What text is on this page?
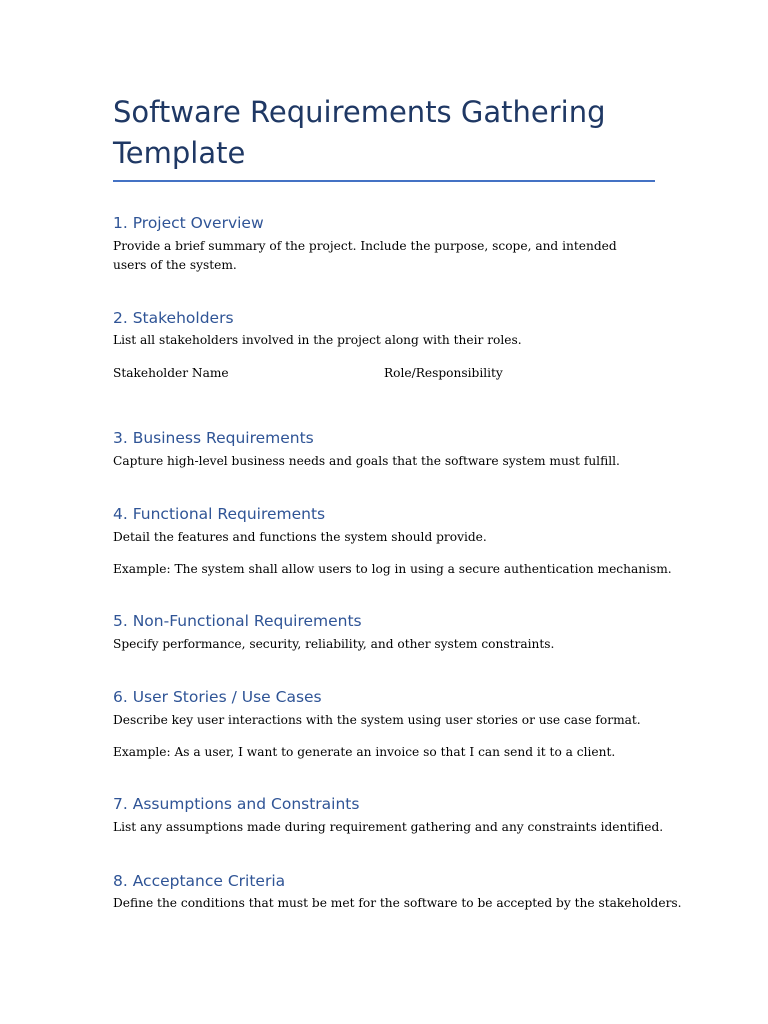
Software Requirements Gathering Template
1. Project Overview

Provide a brief summary of the project. Include the purpose, scope, and intended users of the system.

2. Stakeholders

List all stakeholders involved in the project along with their roles.

Stakeholder Name	Role/Responsibility
3. Business Requirements

Capture high-level business needs and goals that the software system must fulfill.

4. Functional Requirements

Detail the features and functions the system should provide.

Example: The system shall allow users to log in using a secure authentication mechanism.

5. Non-Functional Requirements

Specify performance, security, reliability, and other system constraints.

6. User Stories / Use Cases

Describe key user interactions with the system using user stories or use case format.

Example: As a user, I want to generate an invoice so that I can send it to a client.

7. Assumptions and Constraints

List any assumptions made during requirement gathering and any constraints identified.

8. Acceptance Criteria

Define the conditions that must be met for the software to be accepted by the stakeholders.
